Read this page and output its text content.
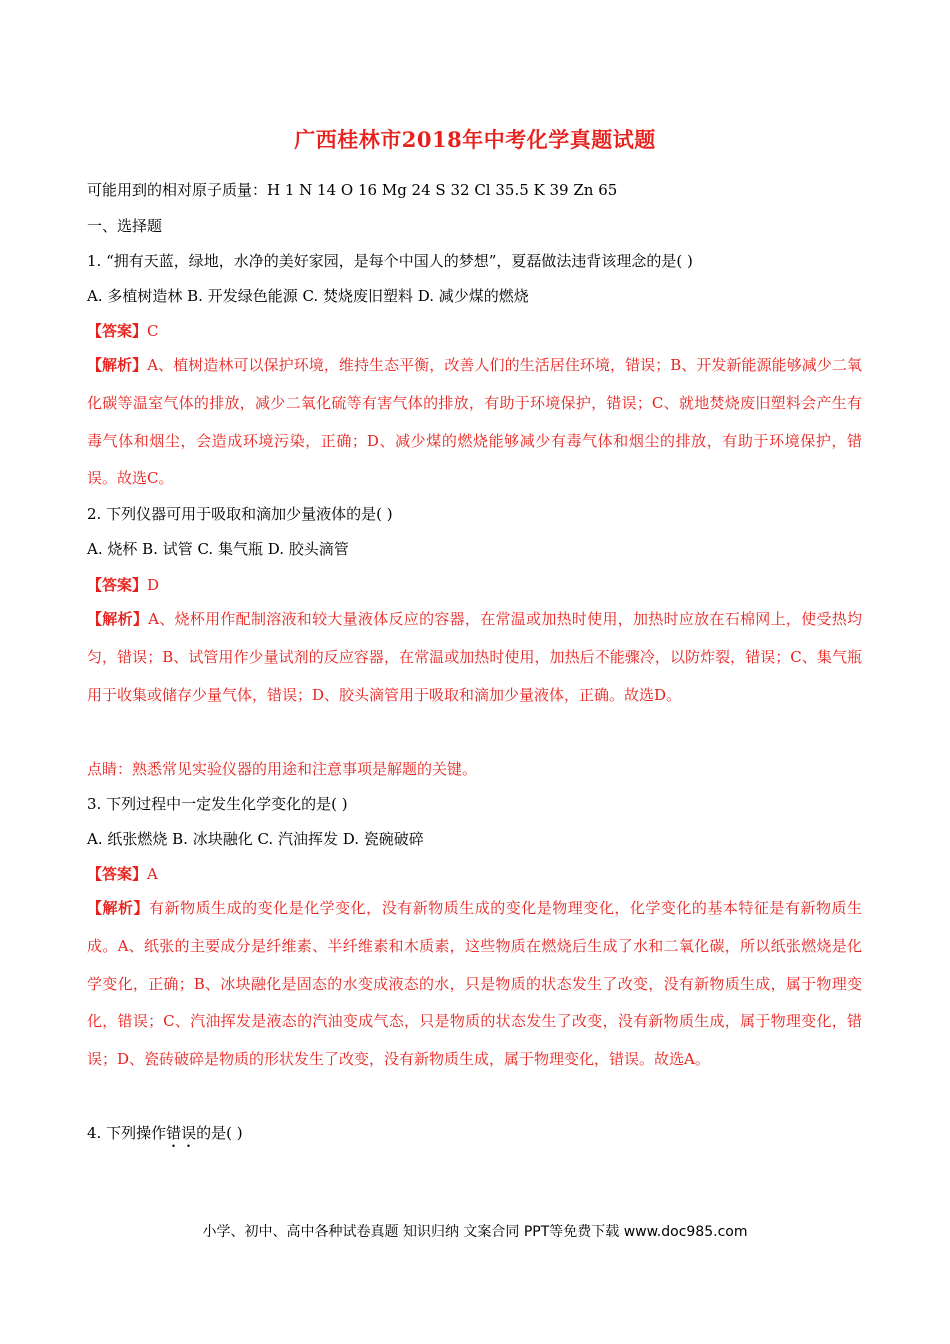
广西桂林市2018年中考化学真题试题
可能用到的相对原子质量：H 1 N 14 O 16 Mg 24 S 32 Cl 35.5 K 39 Zn 65
一、选择题
1. “拥有天蓝，绿地，水净的美好家园，是每个中国人的梦想”，夏磊做法违背该理念的是( )
A. 多植树造林 B. 开发绿色能源 C. 焚烧废旧塑料 D. 减少煤的燃烧
【答案】C
【解析】A、植树造林可以保护环境，维持生态平衡，改善人们的生活居住环境，错误；B、开发新能源能够减少二氧化碳等温室气体的排放，减少二氧化硫等有害气体的排放，有助于环境保护，错误；C、就地焚烧废旧塑料会产生有毒气体和烟尘，会造成环境污染，正确；D、减少煤的燃烧能够减少有毒气体和烟尘的排放，有助于环境保护，错误。故选C。
2. 下列仪器可用于吸取和滴加少量液体的是( )
A. 烧杯 B. 试管 C. 集气瓶 D. 胶头滴管
【答案】D
【解析】A、烧杯用作配制溶液和较大量液体反应的容器，在常温或加热时使用，加热时应放在石棉网上，使受热均匀，错误；B、试管用作少量试剂的反应容器，在常温或加热时使用，加热后不能骤冷，以防炸裂，错误；C、集气瓶用于收集或储存少量气体，错误；D、胶头滴管用于吸取和滴加少量液体，正确。故选D。
点睛：熟悉常见实验仪器的用途和注意事项是解题的关键。
3. 下列过程中一定发生化学变化的是( )
A. 纸张燃烧 B. 冰块融化 C. 汽油挥发 D. 瓷碗破碎
【答案】A
【解析】有新物质生成的变化是化学变化，没有新物质生成的变化是物理变化，化学变化的基本特征是有新物质生成。A、纸张的主要成分是纤维素、半纤维素和木质素，这些物质在燃烧后生成了水和二氧化碳，所以纸张燃烧是化学变化，正确；B、冰块融化是固态的水变成液态的水，只是物质的状态发生了改变，没有新物质生成，属于物理变化，错误；C、汽油挥发是液态的汽油变成气态，只是物质的状态发生了改变，没有新物质生成，属于物理变化，错误；D、瓷砖破碎是物质的形状发生了改变，没有新物质生成，属于物理变化，错误。故选A。
4. 下列操作错误的是( )
小学、初中、高中各种试卷真题 知识归纳 文案合同 PPT等免费下载 www.doc985.com
